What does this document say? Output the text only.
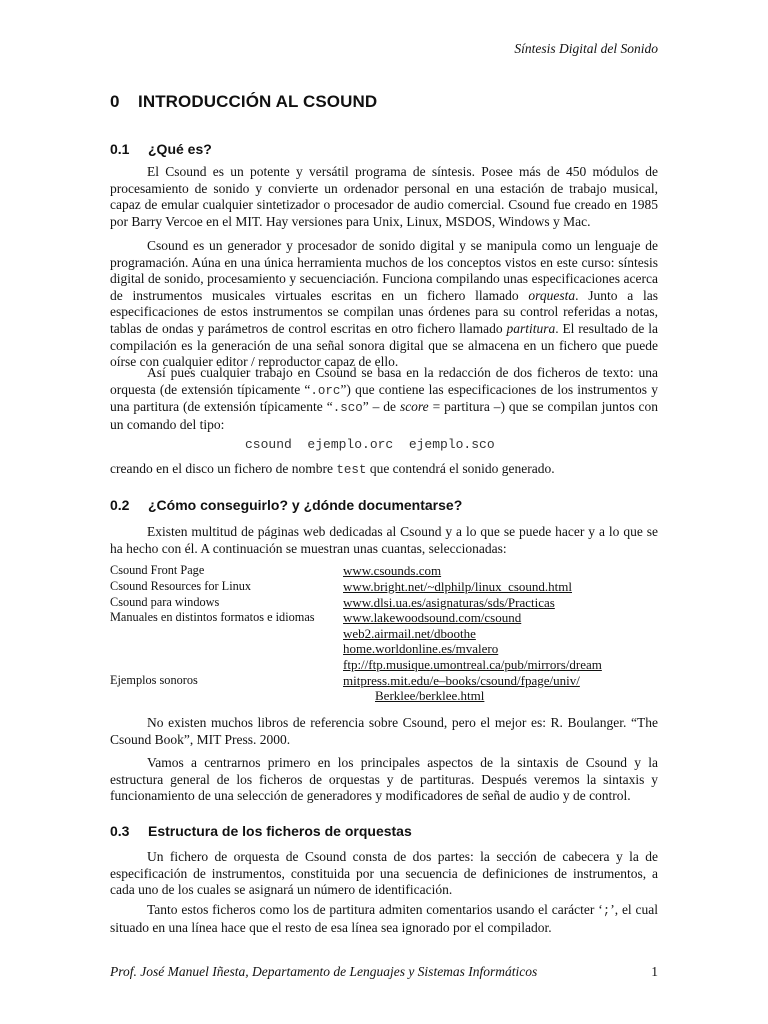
Síntesis Digital del Sonido
0 INTRODUCCIÓN AL CSOUND
0.1 ¿Qué es?

El Csound es un potente y versátil programa de síntesis. Posee más de 450 módulos de procesamiento de sonido y convierte un ordenador personal en una estación de trabajo musical, capaz de emular cualquier sintetizador o procesador de audio comercial. Csound fue creado en 1985 por Barry Vercoe en el MIT. Hay versiones para Unix, Linux, MSDOS, Windows y Mac.

Csound es un generador y procesador de sonido digital y se manipula como un lenguaje de programación. Aúna en una única herramienta muchos de los conceptos vistos en este curso: síntesis digital de sonido, procesamiento y secuenciación. Funciona compilando unas especificaciones acerca de instrumentos musicales virtuales escritas en un fichero llamado orquesta. Junto a las especificaciones de estos instrumentos se compilan unas órdenes para su control referidas a notas, tablas de ondas y parámetros de control escritas en otro fichero llamado partitura. El resultado de la compilación es la generación de una señal sonora digital que se almacena en un fichero que puede oírse con cualquier editor / reproductor capaz de ello.

Así pues cualquier trabajo en Csound se basa en la redacción de dos ficheros de texto: una orquesta (de extensión típicamente “.orc”) que contiene las especificaciones de los instrumentos y una partitura (de extensión típicamente “.sco” – de score = partitura –) que se compilan juntos con un comando del tipo:

csound  ejemplo.orc  ejemplo.sco

creando en el disco un fichero de nombre test que contendrá el sonido generado.

0.2 ¿Cómo conseguirlo? y ¿dónde documentarse?

Existen multitud de páginas web dedicadas al Csound y a lo que se puede hacer y a lo que se ha hecho con él. A continuación se muestran unas cuantas, seleccionadas:

Csound Front Page	www.csounds.com
Csound Resources for Linux	www.bright.net/~dlphilp/linux_csound.html
Csound para windows	www.dlsi.ua.es/asignaturas/sds/Practicas
Manuales en distintos formatos e idiomas www.lakewoodsound.com/csound
web2.airmail.net/dboothe
home.worldonline.es/mvalero
ftp://ftp.musique.umontreal.ca/pub/mirrors/dream
Ejemplos sonoros	mitpress.mit.edu/e–books/csound/fpage/univ/
Berklee/berklee.html

No existen muchos libros de referencia sobre Csound, pero el mejor es: R. Boulanger. “The Csound Book”, MIT Press. 2000.

Vamos a centrarnos primero en los principales aspectos de la sintaxis de Csound y la estructura general de los ficheros de orquestas y de partituras. Después veremos la sintaxis y funcionamiento de una selección de generadores y modificadores de señal de audio y de control.

0.3 Estructura de los ficheros de orquestas

Un fichero de orquesta de Csound consta de dos partes: la sección de cabecera y la de especificación de instrumentos, constituida por una secuencia de definiciones de instrumentos, a cada uno de los cuales se asignará un número de identificación.

Tanto estos ficheros como los de partitura admiten comentarios usando el carácter ‘;’, el cual situado en una línea hace que el resto de esa línea sea ignorado por el compilador.

Prof. José Manuel Iñesta, Departamento de Lenguajes y Sistemas Informáticos	1
